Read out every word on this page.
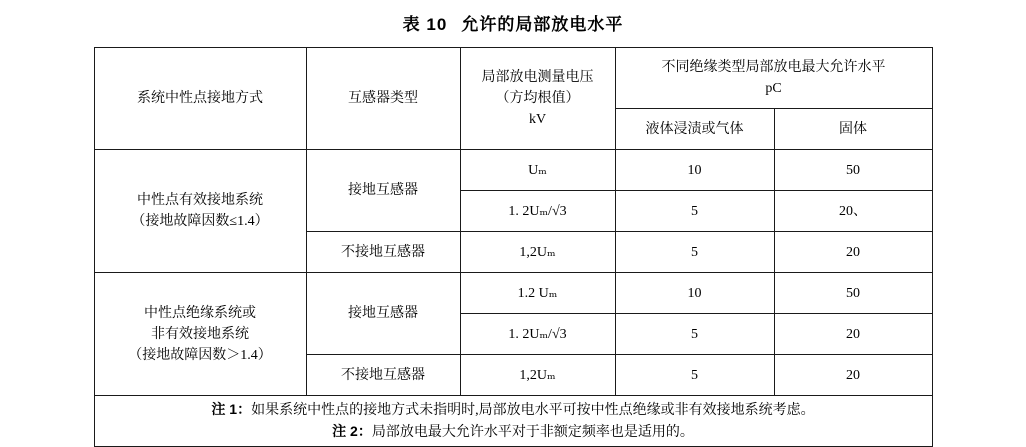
表 10 允许的局部放电水平
系统中性点接地方式	互感器类型	局部放电测量电压
（方均根值）
kV	不同绝缘类型局部放电最大允许水平
pC	

			液体浸渍或气体	固体

中性点有效接地系统
（接地故障因数≤1.4）	接地互感器	Uₘ	10	50
		1. 2Uₘ/√3	5	20、
	不接地互感器	1,2Uₘ	5	20

中性点绝缘系统或
非有效接地系统
（接地故障因数＞1.4）	接地互感器	1.2 Uₘ	10	50
		1. 2Uₘ/√3	5	20
	不接地互感器	1,2Uₘ	5	20

注 1：如果系统中性点的接地方式未指明时,局部放电水平可按中性点绝缘或非有效接地系统考虑。
注 2：局部放电最大允许水平对于非额定频率也是适用的。				
